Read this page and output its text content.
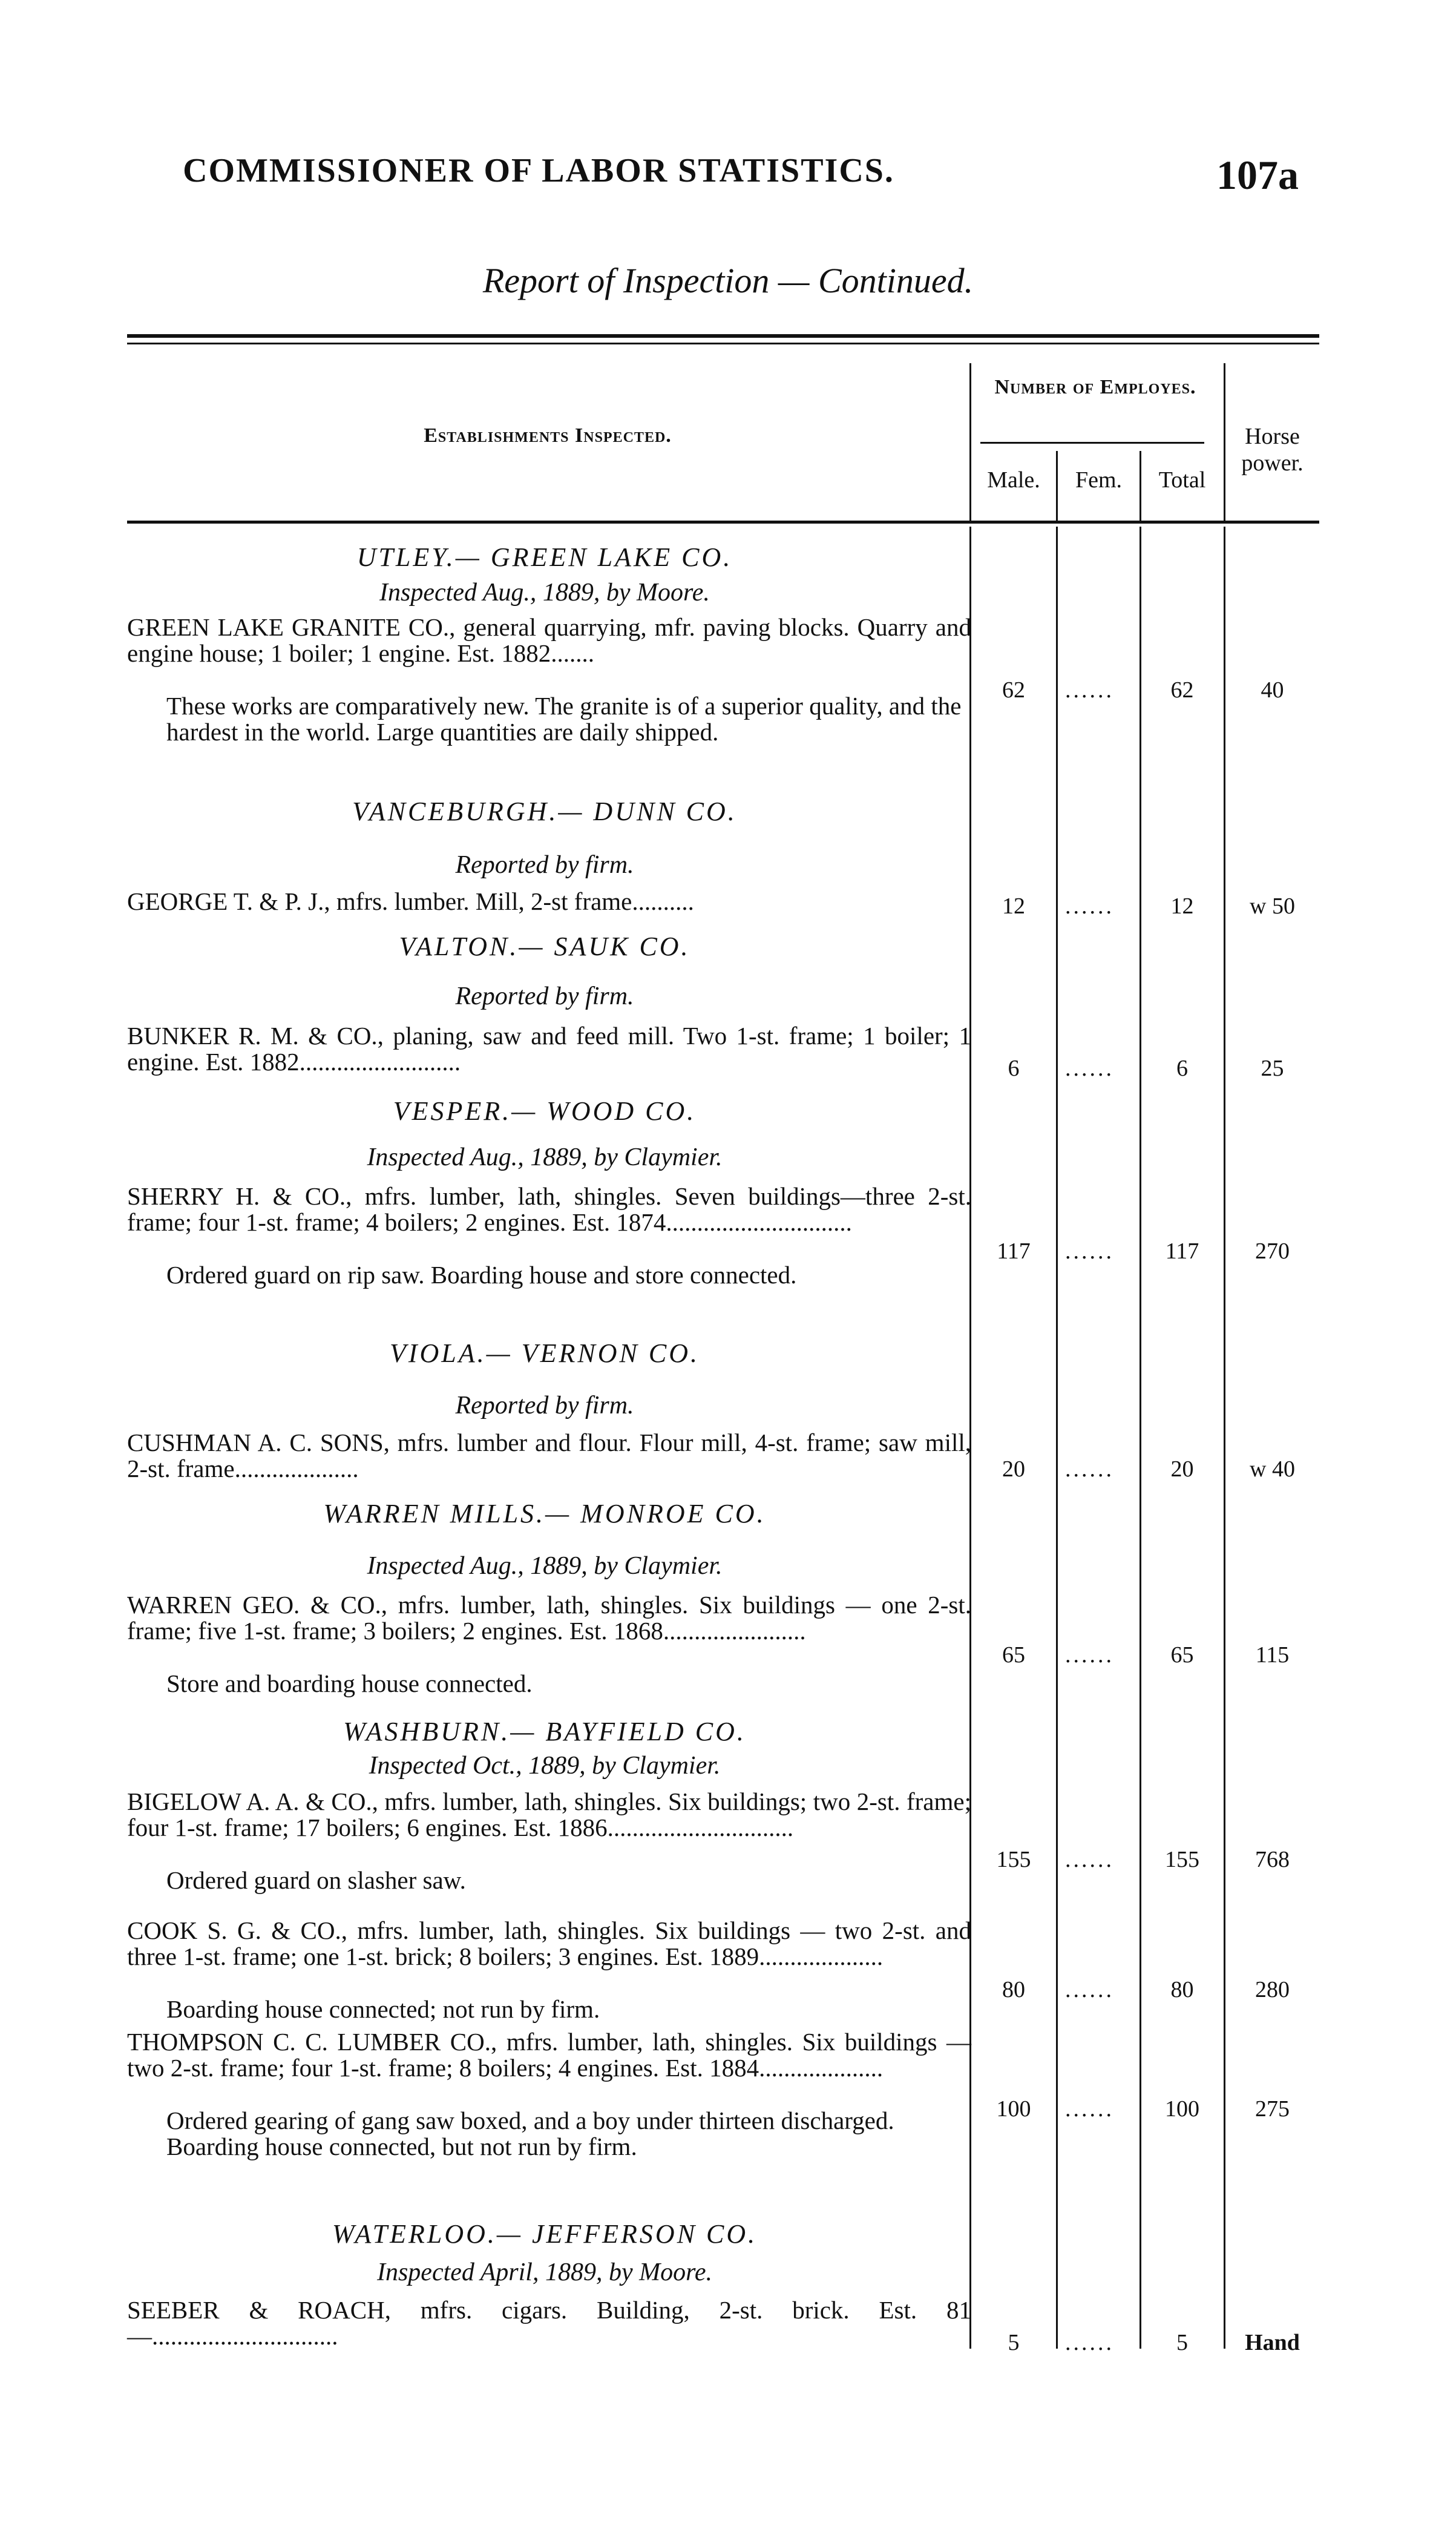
COMMISSIONER OF LABOR STATISTICS.	107a
Report of Inspection — Continued.
Establishments Inspected.
Number of Employes.
Male.	Fem.	Total
Horse power.
UTLEY.— GREEN LAKE CO.
Inspected Aug., 1889, by Moore.
GREEN LAKE GRANITE CO., general quarrying, mfr. paving blocks. Quarry and engine house; 1 boiler; 1 engine. Est. 1882.......
These works are comparatively new. The granite is of a superior quality, and the hardest in the world. Large quantities are daily shipped.
62	......	62	40
VANCEBURGH.— DUNN CO.
Reported by firm.
GEORGE T. & P. J., mfrs. lumber. Mill, 2-st frame..........	12	......	12	w 50
VALTON.— SAUK CO.
Reported by firm.
BUNKER R. M. & CO., planing, saw and feed mill. Two 1-st. frame; 1 boiler; 1 engine. Est. 1882..........................	6	......	6	25
VESPER.— WOOD CO.
Inspected Aug., 1889, by Claymier.
SHERRY H. & CO., mfrs. lumber, lath, shingles. Seven buildings—three 2-st. frame; four 1-st. frame; 4 boilers; 2 engines. Est. 1874..............................
Ordered guard on rip saw. Boarding house and store connected.
117	......	117	270
VIOLA.— VERNON CO.
Reported by firm.
CUSHMAN A. C. SONS, mfrs. lumber and flour. Flour mill, 4-st. frame; saw mill, 2-st. frame....................	20	......	20	w 40
WARREN MILLS.— MONROE CO.
Inspected Aug., 1889, by Claymier.
WARREN GEO. & CO., mfrs. lumber, lath, shingles. Six buildings — one 2-st. frame; five 1-st. frame; 3 boilers; 2 engines. Est. 1868.......................
Store and boarding house connected.
65	......	65	115
WASHBURN.— BAYFIELD CO.
Inspected Oct., 1889, by Claymier.
BIGELOW A. A. & CO., mfrs. lumber, lath, shingles. Six buildings; two 2-st. frame; four 1-st. frame; 17 boilers; 6 engines. Est. 1886..............................
Ordered guard on slasher saw.
155	......	155	768
COOK S. G. & CO., mfrs. lumber, lath, shingles. Six buildings — two 2-st. and three 1-st. frame; one 1-st. brick; 8 boilers; 3 engines. Est. 1889....................
Boarding house connected; not run by firm.
80	......	80	280
THOMPSON C. C. LUMBER CO., mfrs. lumber, lath, shingles. Six buildings — two 2-st. frame; four 1-st. frame; 8 boilers; 4 engines. Est. 1884....................
Ordered gearing of gang saw boxed, and a boy under thirteen discharged. Boarding house connected, but not run by firm.
100	......	100	275
WATERLOO.— JEFFERSON CO.
Inspected April, 1889, by Moore.
SEEBER & ROACH, mfrs. cigars. Building, 2-st. brick. Est. 81—..............................	5	......	5	Hand
